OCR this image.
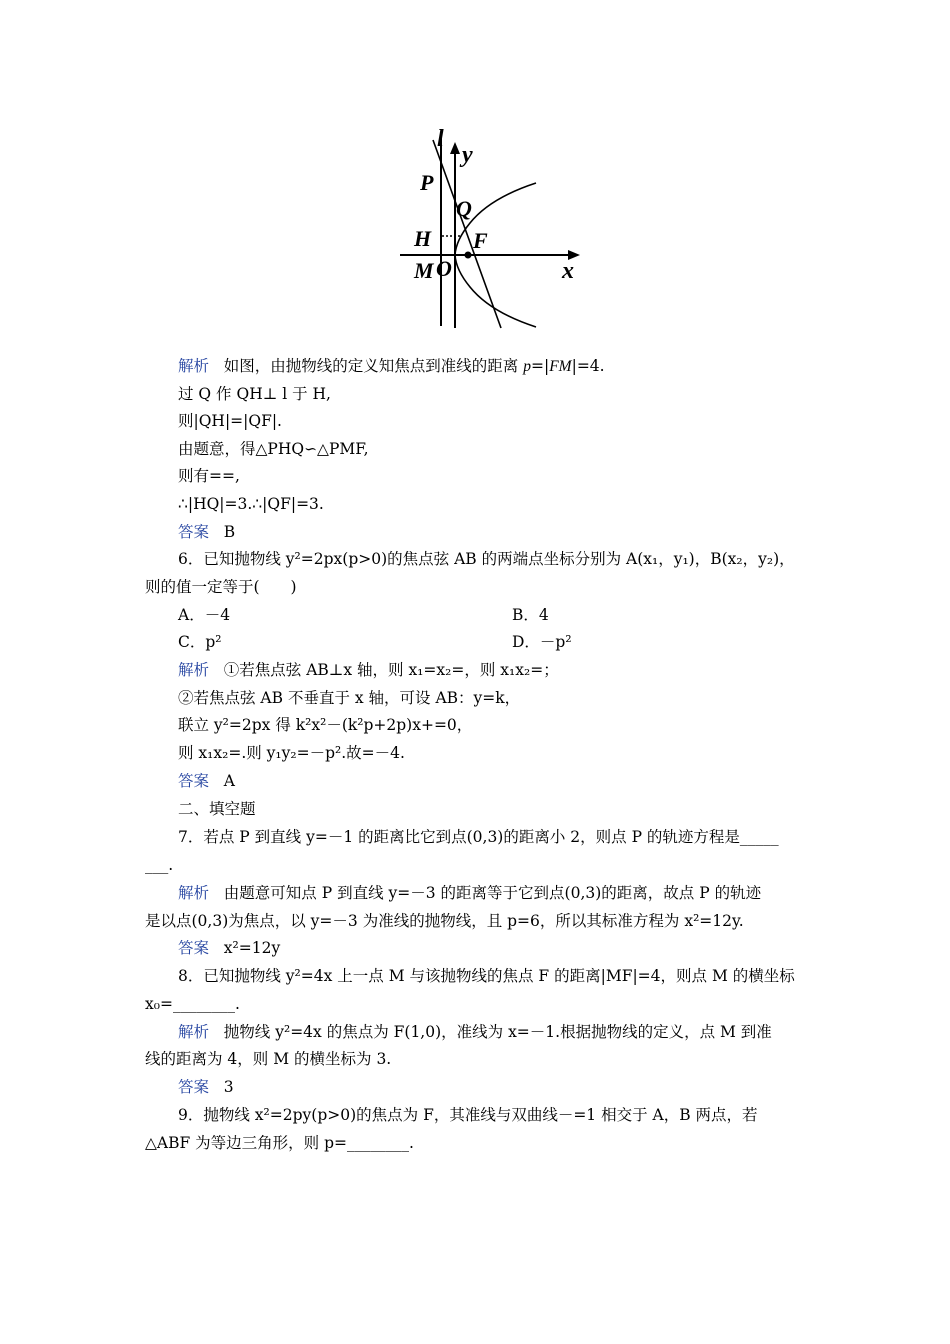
l
y
P
Q
H F
M O	x
解析 如图，由抛物线的定义知焦点到准线的距离 p=|FM|=4.
过 Q 作 QH⊥ l 于 H,
则|QH|=|QF|.
由题意，得△PHQ∽△PMF,
则有==,
∴|HQ|=3.∴|QF|=3.
答案 B
6．已知抛物线 y²=2px(p>0)的焦点弦 AB 的两端点坐标分别为 A(x₁，y₁)，B(x₂，y₂)，
则的值一定等于(　　)
A．－4	B．4
C．p²	D．－p²
解析 ①若焦点弦 AB⊥x 轴，则 x₁=x₂=，则 x₁x₂=；
②若焦点弦 AB 不垂直于 x 轴，可设 AB：y=k，
联立 y²=2px 得 k²x²－(k²p+2p)x+=0，
则 x₁x₂=.则 y₁y₂=－p².故=－4.
答案 A
二、填空题
7．若点 P 到直线 y=－1 的距离比它到点(0,3)的距离小 2，则点 P 的轨迹方程是_____
___.
解析 由题意可知点 P 到直线 y=－3 的距离等于它到点(0,3)的距离，故点 P 的轨迹
是以点(0,3)为焦点，以 y=－3 为准线的抛物线，且 p=6，所以其标准方程为 x²=12y.
答案 x²=12y
8．已知抛物线 y²=4x 上一点 M 与该抛物线的焦点 F 的距离|MF|=4，则点 M 的横坐标
x₀=________.
解析 抛物线 y²=4x 的焦点为 F(1,0)，准线为 x=－1.根据抛物线的定义，点 M 到准
线的距离为 4，则 M 的横坐标为 3.
答案 3
9．抛物线 x²=2py(p>0)的焦点为 F，其准线与双曲线－=1 相交于 A，B 两点，若
△ABF 为等边三角形，则 p=________.
